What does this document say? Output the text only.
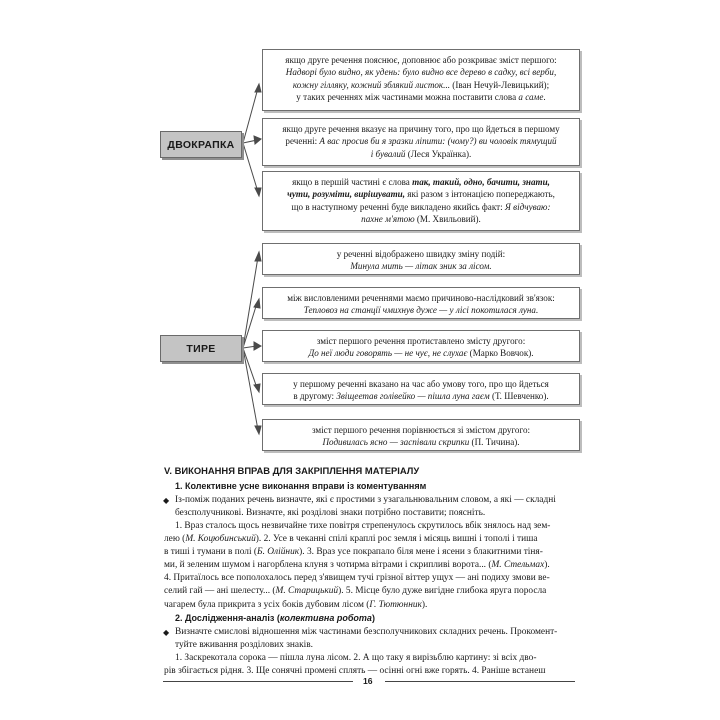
ДВОКРАПКА
ТИРЕ
якщо друге речення пояснює, доповнює або розкриває зміст першого:
Надворі було видно, як удень: було видно все дерево в садку, всі верби,
кожну гілляку, кожний зблякий листок... (Іван Нечуй-Левицький);
у таких реченнях між частинами можна поставити слова а саме.
якщо друге речення вказує на причину того, про що йдеться в першому
реченні: А вас просив би я зразки ліпити: (чому?) ви чоловік тямущий
і бувалий (Леся Українка).
якщо в першій частині є слова так, такий, одно, бачити, знати,
чути, розуміти, вирішувати, які разом з інтонацією попереджають,
що в наступному реченні буде викладено якийсь факт: Я відчуваю:
пахне м'ятою (М. Хвильовий).
у реченні відображено швидку зміну подій:
Минула мить — літак зник за лісом.
між висловленими реченнями маємо причиново-наслідковий зв'язок:
Тепловоз на станції чмихнув дуже — у лісі покотилася луна.
зміст першого речення протиставлено змісту другого:
До неї люди говорять — не чує, не слухає (Марко Вовчок).
у першому реченні вказано на час або умову того, про що йдеться
в другому: Звіщеетав голівейко — пішла луна гаєм (Т. Шевченко).
зміст першого речення порівнюється зі змістом другого:
Подивилась ясно — заспівали скрипки (П. Тичина).
V. ВИКОНАННЯ ВПРАВ ДЛЯ ЗАКРІПЛЕННЯ МАТЕРІАЛУ
1. Колективне усне виконання вправи із коментуванням
◆ Із-поміж поданих речень визначте, які є простими з узагальнювальним словом, а які — складні
безсполучникові. Визначте, які розділові знаки потрібно поставити; поясніть.
1. Враз сталось щось незвичайне тихе повітря стрепенулось скрутилось вбік знялось над зем-
лею (М. Коцюбинський). 2. Усе в чеканні спілі краплі рос земля і місяць вишні і тополі і тиша
в тиші і тумани в полі (Б. Олійник). 3. Враз усе покрапало біля мене і ясени з блакитними тіня-
ми, й зеленим шумом і нагорблена клуня з чотирма вітрами і скрипливі ворота... (М. Стельмах).
4. Притаїлось все пополохалось перед з'явищем тучі грізної віттер ущух — ані подиху змови ве-
селий гай — ані шелесту... (М. Старицький). 5. Місце було дуже вигідне глибока яруга поросла
чагарем була прикрита з усіх боків дубовим лісом (Г. Тютюнник).
2. Дослідження-аналіз (колективна робота)
◆ Визначте смислові відношення між частинами безсполучникових складних речень. Прокомент-
туйте вживання розділових знаків.
1. Заскрекотала сорока — пішла луна лісом. 2. А що таку я вирізьблю картину: зі всіх дво-
рів збігається рідня. 3. Ще сонячні промені сплять — осінні огні вже горять. 4. Раніше встанеш
16
